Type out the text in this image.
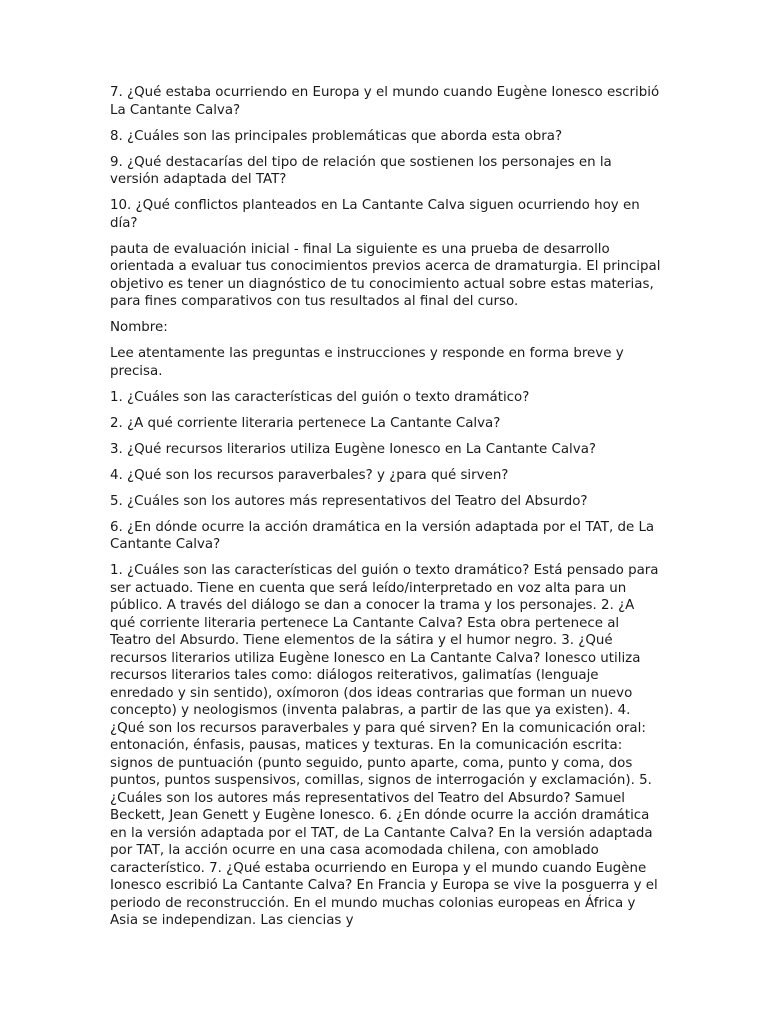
7. ¿Qué estaba ocurriendo en Europa y el mundo cuando Eugène Ionesco escribió La Cantante Calva?

8. ¿Cuáles son las principales problemáticas que aborda esta obra?

9. ¿Qué destacarías del tipo de relación que sostienen los personajes en la versión adaptada del TAT?

10. ¿Qué conflictos planteados en La Cantante Calva siguen ocurriendo hoy en día?

pauta de evaluación inicial - final La siguiente es una prueba de desarrollo orientada a evaluar tus conocimientos previos acerca de dramaturgia. El principal objetivo es tener un diagnóstico de tu conocimiento actual sobre estas materias, para fines comparativos con tus resultados al final del curso.

Nombre:

Lee atentamente las preguntas e instrucciones y responde en forma breve y precisa.

1. ¿Cuáles son las características del guión o texto dramático?

2. ¿A qué corriente literaria pertenece La Cantante Calva?

3. ¿Qué recursos literarios utiliza Eugène Ionesco en La Cantante Calva?

4. ¿Qué son los recursos paraverbales? y ¿para qué sirven?

5. ¿Cuáles son los autores más representativos del Teatro del Absurdo?

6. ¿En dónde ocurre la acción dramática en la versión adaptada por el TAT, de La Cantante Calva?

1. ¿Cuáles son las características del guión o texto dramático? Está pensado para ser actuado. Tiene en cuenta que será leído/interpretado en voz alta para un público. A través del diálogo se dan a conocer la trama y los personajes. 2. ¿A qué corriente literaria pertenece La Cantante Calva? Esta obra pertenece al Teatro del Absurdo. Tiene elementos de la sátira y el humor negro. 3. ¿Qué recursos literarios utiliza Eugène Ionesco en La Cantante Calva? Ionesco utiliza recursos literarios tales como: diálogos reiterativos, galimatías (lenguaje enredado y sin sentido), oxímoron (dos ideas contrarias que forman un nuevo concepto) y neologismos (inventa palabras, a partir de las que ya existen). 4. ¿Qué son los recursos paraverbales y para qué sirven? En la comunicación oral: entonación, énfasis, pausas, matices y texturas. En la comunicación escrita: signos de puntuación (punto seguido, punto aparte, coma, punto y coma, dos puntos, puntos suspensivos, comillas, signos de interrogación y exclamación). 5. ¿Cuáles son los autores más representativos del Teatro del Absurdo? Samuel Beckett, Jean Genett y Eugène Ionesco. 6. ¿En dónde ocurre la acción dramática en la versión adaptada por el TAT, de La Cantante Calva? En la versión adaptada por TAT, la acción ocurre en una casa acomodada chilena, con amoblado característico. 7. ¿Qué estaba ocurriendo en Europa y el mundo cuando Eugène Ionesco escribió La Cantante Calva? En Francia y Europa se vive la posguerra y el periodo de reconstrucción. En el mundo muchas colonias europeas en África y Asia se independizan. Las ciencias y
